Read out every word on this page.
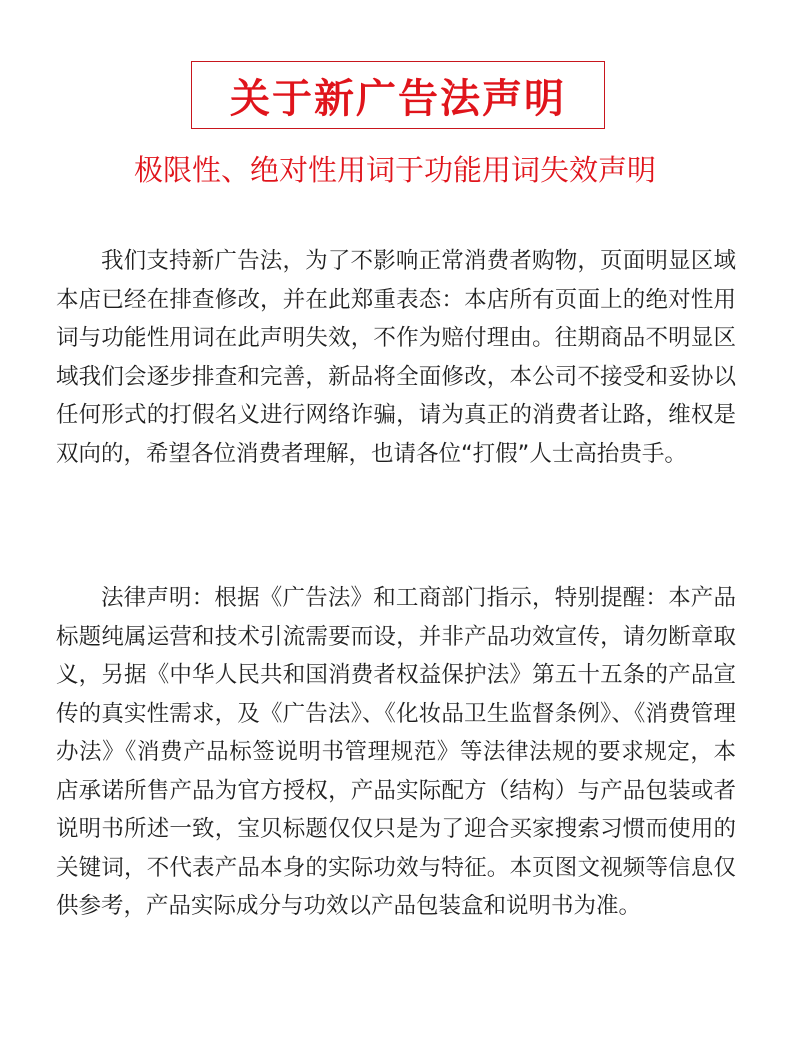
关于新广告法声明
极限性、绝对性用词于功能用词失效声明

我们支持新广告法，为了不影响正常消费者购物，页面明显区域本店已经在排查修改，并在此郑重表态：本店所有页面上的绝对性用词与功能性用词在此声明失效，不作为赔付理由。往期商品不明显区域我们会逐步排查和完善，新品将全面修改，本公司不接受和妥协以任何形式的打假名义进行网络诈骗，请为真正的消费者让路，维权是双向的，希望各位消费者理解，也请各位“打假”人士高抬贵手。

法律声明：根据《广告法》和工商部门指示，特别提醒：本产品标题纯属运营和技术引流需要而设，并非产品功效宣传，请勿断章取义，另据《中华人民共和国消费者权益保护法》第五十五条的产品宣传的真实性需求，及《广告法》、《化妆品卫生监督条例》、《消费管理办法》《消费产品标签说明书管理规范》等法律法规的要求规定，本店承诺所售产品为官方授权，产品实际配方（结构）与产品包装或者说明书所述一致，宝贝标题仅仅只是为了迎合买家搜索习惯而使用的关键词，不代表产品本身的实际功效与特征。本页图文视频等信息仅供参考，产品实际成分与功效以产品包装盒和说明书为准。
